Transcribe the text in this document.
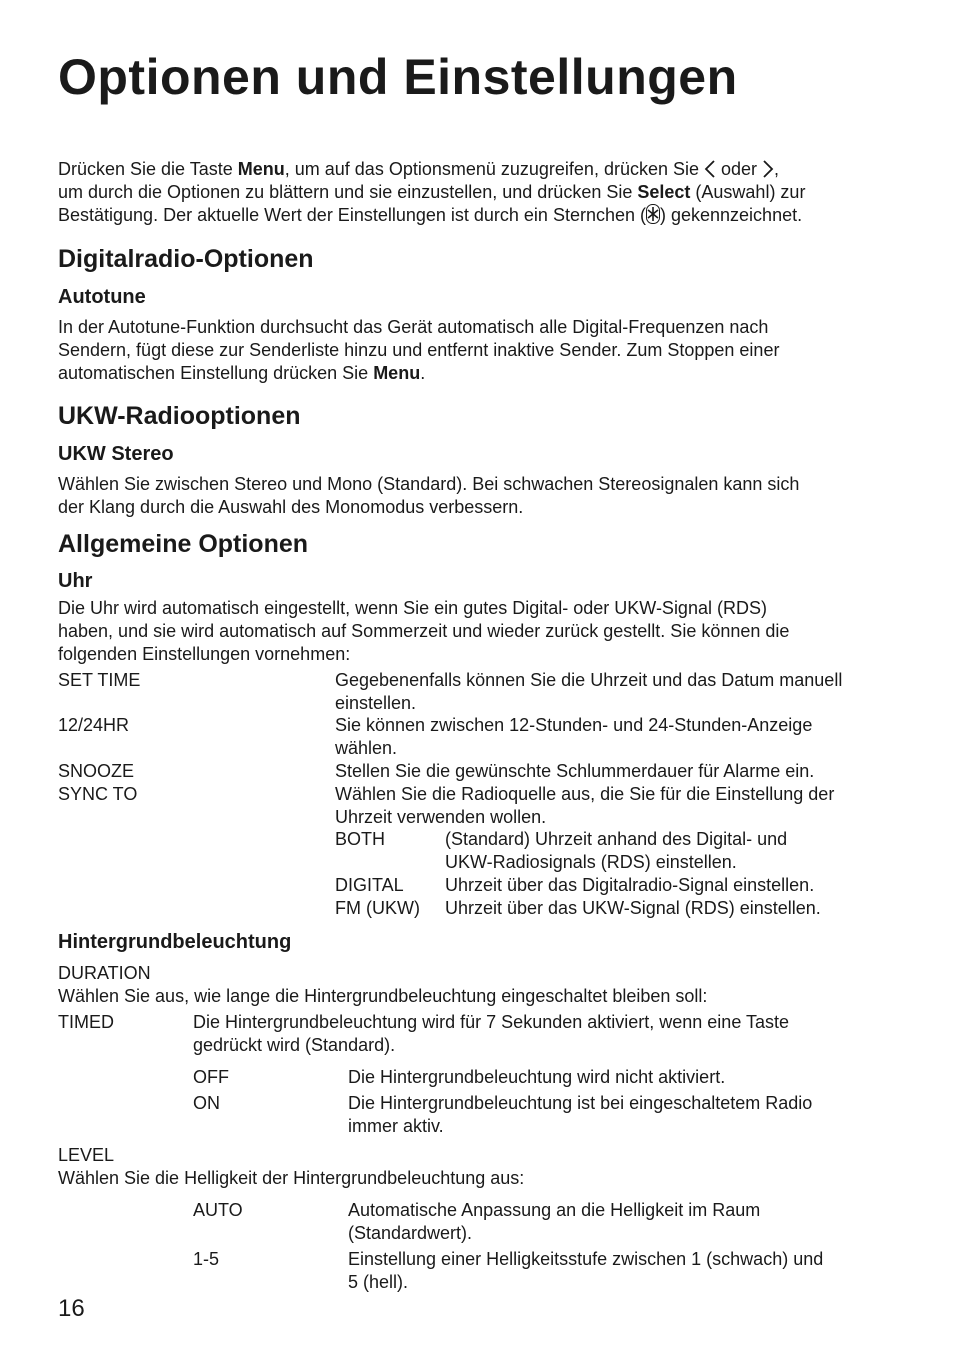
Optionen und Einstellungen
Drücken Sie die Taste Menu, um auf das Optionsmenü zuzugreifen, drücken Sie  oder ,
um durch die Optionen zu blättern und sie einzustellen, und drücken Sie Select (Auswahl) zur
Bestätigung. Der aktuelle Wert der Einstellungen ist durch ein Sternchen ( ) gekennzeichnet.
Digitalradio-Optionen
Autotune
In der Autotune-Funktion durchsucht das Gerät automatisch alle Digital-Frequenzen nach
Sendern, fügt diese zur Senderliste hinzu und entfernt inaktive Sender. Zum Stoppen einer
automatischen Einstellung drücken Sie Menu.
UKW-Radiooptionen
UKW Stereo
Wählen Sie zwischen Stereo und Mono (Standard). Bei schwachen Stereosignalen kann sich
der Klang durch die Auswahl des Monomodus verbessern.
Allgemeine Optionen
Uhr
Die Uhr wird automatisch eingestellt, wenn Sie ein gutes Digital- oder UKW-Signal (RDS)
haben, und sie wird automatisch auf Sommerzeit und wieder zurück gestellt. Sie können die
folgenden Einstellungen vornehmen:
SET TIME	Gegebenenfalls können Sie die Uhrzeit und das Datum manuell
einstellen.
12/24HR	Sie können zwischen 12-Stunden- und 24-Stunden-Anzeige
wählen.
SNOOZE	Stellen Sie die gewünschte Schlummerdauer für Alarme ein.
SYNC TO	Wählen Sie die Radioquelle aus, die Sie für die Einstellung der
Uhrzeit verwenden wollen.
BOTH	(Standard) Uhrzeit anhand des Digital- und
UKW-Radiosignals (RDS) einstellen.
DIGITAL Uhrzeit über das Digitalradio-Signal einstellen.
FM (UKW) Uhrzeit über das UKW-Signal (RDS) einstellen.
Hintergrundbeleuchtung
DURATION
Wählen Sie aus, wie lange die Hintergrundbeleuchtung eingeschaltet bleiben soll:
TIMED	Die Hintergrundbeleuchtung wird für 7 Sekunden aktiviert, wenn eine Taste
gedrückt wird (Standard).
OFF	Die Hintergrundbeleuchtung wird nicht aktiviert.
ON	Die Hintergrundbeleuchtung ist bei eingeschaltetem Radio
immer aktiv.
LEVEL
Wählen Sie die Helligkeit der Hintergrundbeleuchtung aus:
AUTO	Automatische Anpassung an die Helligkeit im Raum
(Standardwert).
1-5	Einstellung einer Helligkeitsstufe zwischen 1 (schwach) und
5 (hell).
16
